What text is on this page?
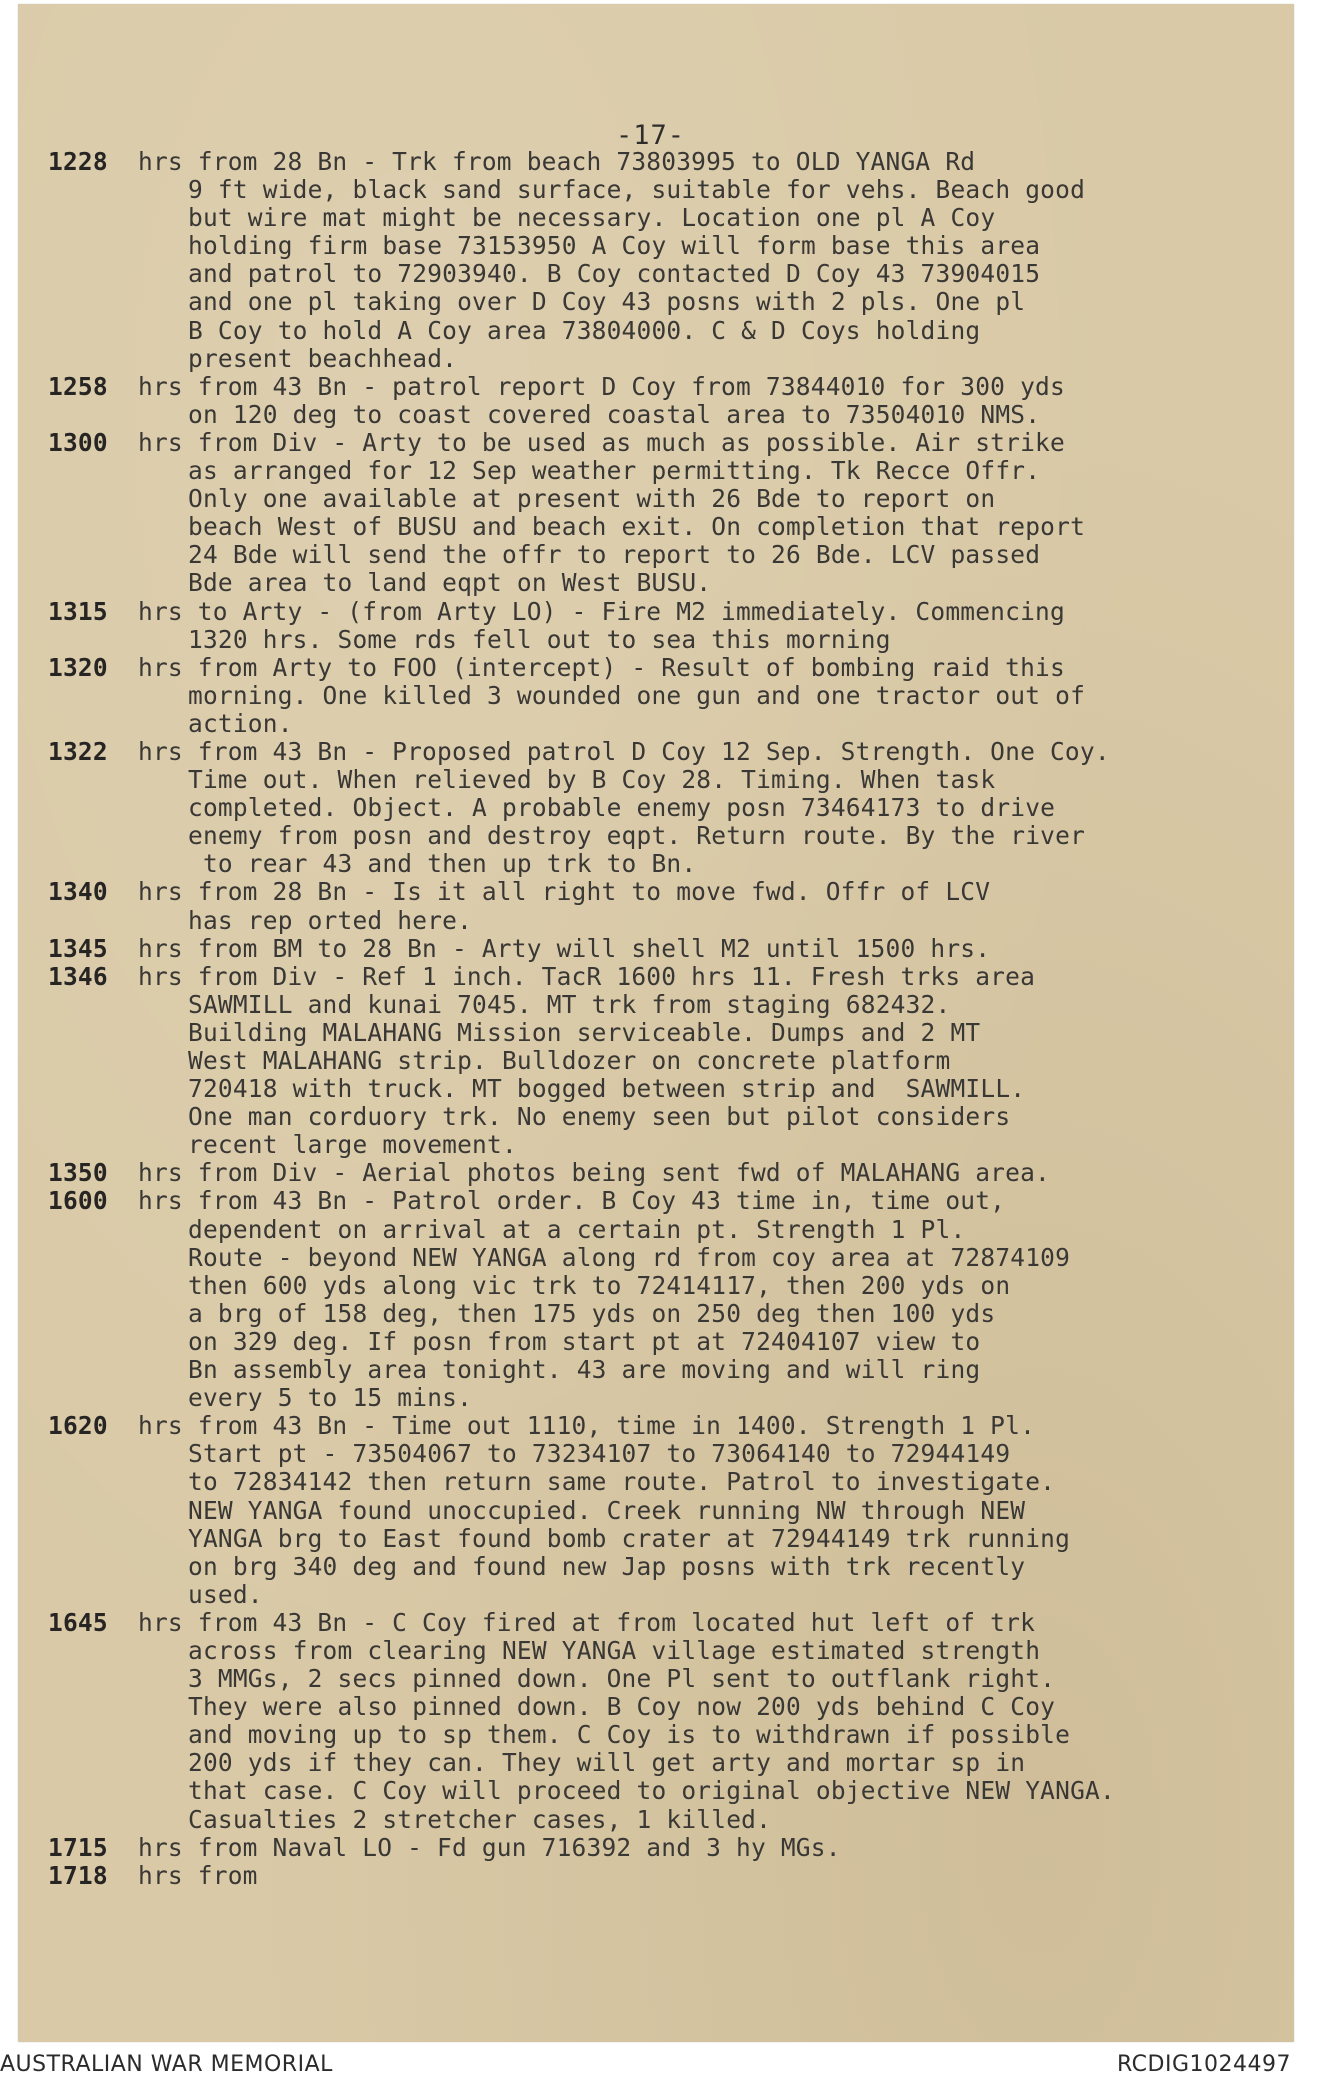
-17-
1228	hrs from 28 Bn - Trk from beach 73803995 to OLD YANGA Rd
9 ft wide, black sand surface, suitable for vehs. Beach good
but wire mat might be necessary. Location one pl A Coy
holding firm base 73153950 A Coy will form base this area
and patrol to 72903940. B Coy contacted D Coy 43 73904015
and one pl taking over D Coy 43 posns with 2 pls. One pl
B Coy to hold A Coy area 73804000. C & D Coys holding
present beachhead.
1258	hrs from 43 Bn - patrol report D Coy from 73844010 for 300 yds
on 120 deg to coast covered coastal area to 73504010 NMS.
1300	hrs from Div - Arty to be used as much as possible. Air strike
as arranged for 12 Sep weather permitting. Tk Recce Offr.
Only one available at present with 26 Bde to report on
beach West of BUSU and beach exit. On completion that report
24 Bde will send the offr to report to 26 Bde. LCV passed
Bde area to land eqpt on West BUSU.
1315	hrs to Arty - (from Arty LO) - Fire M2 immediately. Commencing
1320 hrs. Some rds fell out to sea this morning
1320	hrs from Arty to FOO (intercept) - Result of bombing raid this
morning. One killed 3 wounded one gun and one tractor out of
action.
1322	hrs from 43 Bn - Proposed patrol D Coy 12 Sep. Strength. One Coy.
Time out. When relieved by B Coy 28. Timing. When task
completed. Object. A probable enemy posn 73464173 to drive
enemy from posn and destroy eqpt. Return route. By the river
to rear 43 and then up trk to Bn.
1340	hrs from 28 Bn - Is it all right to move fwd. Offr of LCV
has rep orted here.
1345	hrs from BM to 28 Bn - Arty will shell M2 until 1500 hrs.
1346	hrs from Div - Ref 1 inch. TacR 1600 hrs 11. Fresh trks area
SAWMILL and kunai 7045. MT trk from staging 682432.
Building MALAHANG Mission serviceable. Dumps and 2 MT
West MALAHANG strip. Bulldozer on concrete platform
720418 with truck. MT bogged between strip and  SAWMILL.
One man corduory trk. No enemy seen but pilot considers
recent large movement.
1350	hrs from Div - Aerial photos being sent fwd of MALAHANG area.
1600	hrs from 43 Bn - Patrol order. B Coy 43 time in, time out,
dependent on arrival at a certain pt. Strength 1 Pl.
Route - beyond NEW YANGA along rd from coy area at 72874109
then 600 yds along vic trk to 72414117, then 200 yds on
a brg of 158 deg, then 175 yds on 250 deg then 100 yds
on 329 deg. If posn from start pt at 72404107 view to
Bn assembly area tonight. 43 are moving and will ring
every 5 to 15 mins.
1620	hrs from 43 Bn - Time out 1110, time in 1400. Strength 1 Pl.
Start pt - 73504067 to 73234107 to 73064140 to 72944149
to 72834142 then return same route. Patrol to investigate.
NEW YANGA found unoccupied. Creek running NW through NEW
YANGA brg to East found bomb crater at 72944149 trk running
on brg 340 deg and found new Jap posns with trk recently
used.
1645	hrs from 43 Bn - C Coy fired at from located hut left of trk
across from clearing NEW YANGA village estimated strength
3 MMGs, 2 secs pinned down. One Pl sent to outflank right.
They were also pinned down. B Coy now 200 yds behind C Coy
and moving up to sp them. C Coy is to withdrawn if possible
200 yds if they can. They will get arty and mortar sp in
that case. C Coy will proceed to original objective NEW YANGA.
Casualties 2 stretcher cases, 1 killed.
1715	hrs from Naval LO - Fd gun 716392 and 3 hy MGs.
1718	hrs from
AUSTRALIAN WAR MEMORIAL	RCDIG1024497
